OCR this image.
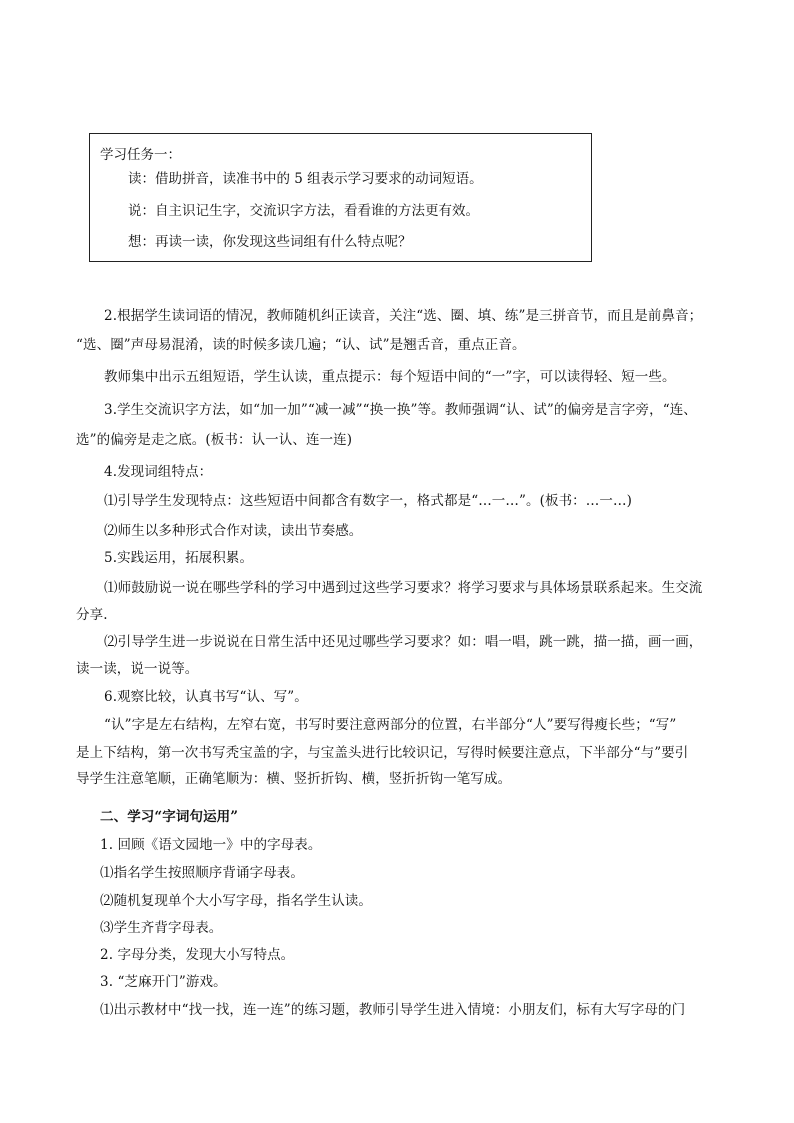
学习任务一：
读：借助拼音，读准书中的 5 组表示学习要求的动词短语。
说：自主识记生字，交流识字方法，看看谁的方法更有效。
想：再读一读，你发现这些词组有什么特点呢？
2.根据学生读词语的情况，教师随机纠正读音，关注“选、圈、填、练”是三拼音节，而且是前鼻音；
“选、圈”声母易混淆，读的时候多读几遍；“认、试”是翘舌音，重点正音。
教师集中出示五组短语，学生认读，重点提示：每个短语中间的“一”字，可以读得轻、短一些。
3.学生交流识字方法，如“加一加”“减一减”“换一换”等。教师强调“认、试”的偏旁是言字旁，“连、
选”的偏旁是走之底。(板书：认一认、连一连)
4.发现词组特点：
⑴引导学生发现特点：这些短语中间都含有数字一，格式都是“…一…”。(板书：…一…)
⑵师生以多种形式合作对读，读出节奏感。
5.实践运用，拓展积累。
⑴师鼓励说一说在哪些学科的学习中遇到过这些学习要求？将学习要求与具体场景联系起来。生交流
分享.
⑵引导学生进一步说说在日常生活中还见过哪些学习要求？如：唱一唱，跳一跳，描一描，画一画，
读一读，说一说等。
6.观察比较，认真书写“认、写”。
“认”字是左右结构，左窄右宽，书写时要注意两部分的位置，右半部分“人”要写得瘦长些；“写”
是上下结构，第一次书写秃宝盖的字，与宝盖头进行比较识记，写得时候要注意点，下半部分“与”要引
导学生注意笔顺，正确笔顺为：横、竖折折钩、横，竖折折钩一笔写成。
二、学习“字词句运用”
1. 回顾《语文园地一》中的字母表。
⑴指名学生按照顺序背诵字母表。
⑵随机复现单个大小写字母，指名学生认读。
⑶学生齐背字母表。
2. 字母分类，发现大小写特点。
3. “芝麻开门”游戏。
⑴出示教材中“找一找，连一连”的练习题，教师引导学生进入情境：小朋友们，标有大写字母的门
